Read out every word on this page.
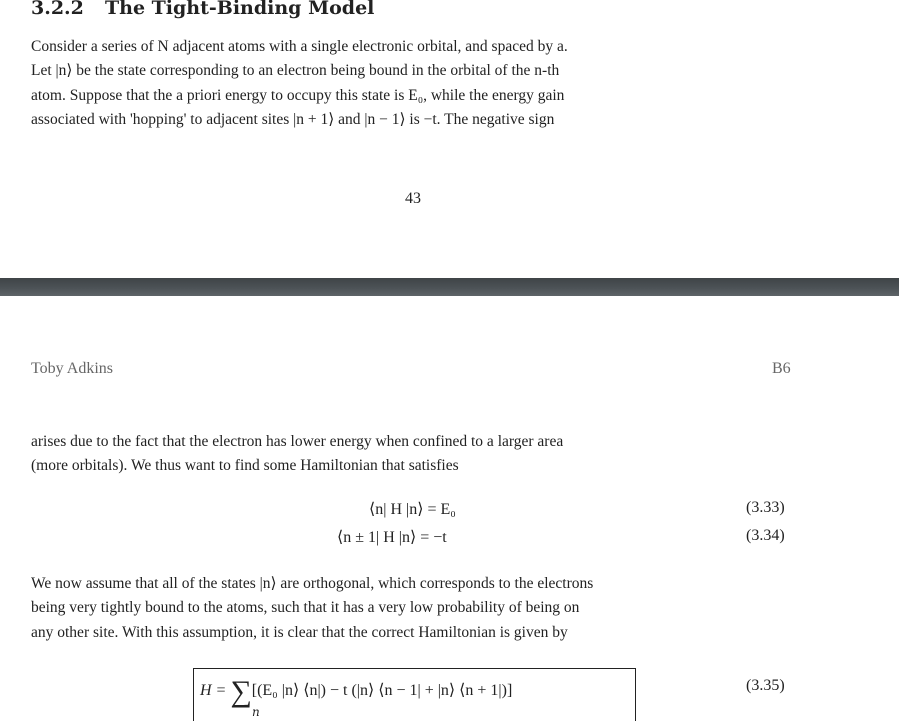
3.2.2 The Tight-Binding Model
Consider a series of N adjacent atoms with a single electronic orbital, and spaced by a.
Let |n⟩ be the state corresponding to an electron being bound in the orbital of the n-th
atom. Suppose that the a priori energy to occupy this state is E₀, while the energy gain
associated with 'hopping' to adjacent sites |n + 1⟩ and |n − 1⟩ is −t. The negative sign
43
Toby Adkins	B6
arises due to the fact that the electron has lower energy when confined to a larger area
(more orbitals). We thus want to find some Hamiltonian that satisfies
⟨n| H |n⟩ = E₀	(3.33)
⟨n ± 1| H |n⟩ = −t	(3.34)
We now assume that all of the states |n⟩ are orthogonal, which corresponds to the electrons
being very tightly bound to the atoms, such that it has a very low probability of being on
any other site. With this assumption, it is clear that the correct Hamiltonian is given by
H = ∑[(E₀ |n⟩ ⟨n|) − t (|n⟩ ⟨n − 1| + |n⟩ ⟨n + 1|)]
n
(3.35)
